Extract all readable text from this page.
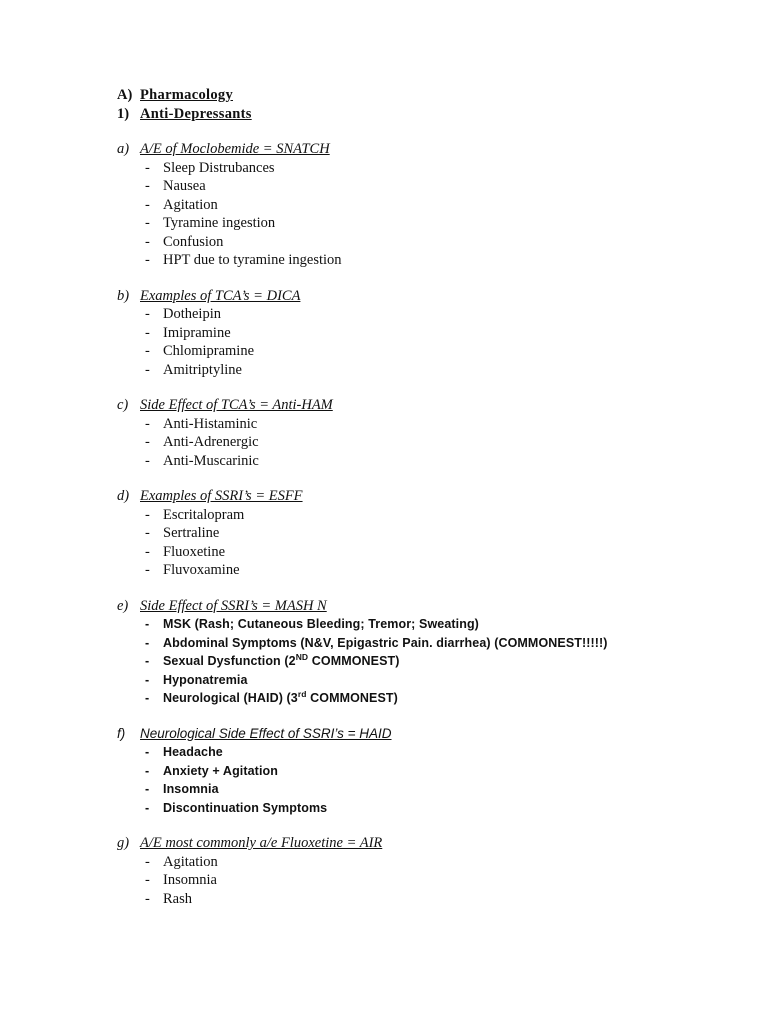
A) Pharmacology
1) Anti-Depressants
a) A/E of Moclobemide = SNATCH
- Sleep Distrubances
- Nausea
- Agitation
- Tyramine ingestion
- Confusion
- HPT due to tyramine ingestion
b) Examples of TCA’s = DICA
- Dotheipin
- Imipramine
- Chlomipramine
- Amitriptyline
c) Side Effect of TCA’s = Anti-HAM
- Anti-Histaminic
- Anti-Adrenergic
- Anti-Muscarinic
d) Examples of SSRI’s = ESFF
- Escritalopram
- Sertraline
- Fluoxetine
- Fluvoxamine
e) Side Effect of SSRI’s = MASH N
- MSK (Rash; Cutaneous Bleeding; Tremor; Sweating)
- Abdominal Symptoms (N&V, Epigastric Pain. diarrhea) (COMMONEST!!!!!)
- Sexual Dysfunction (2ND COMMONEST)
- Hyponatremia
- Neurological (HAID) (3rd COMMONEST)
f) Neurological Side Effect of SSRI’s = HAID
- Headache
- Anxiety + Agitation
- Insomnia
- Discontinuation Symptoms
g) A/E most commonly a/e Fluoxetine = AIR
- Agitation
- Insomnia
- Rash
